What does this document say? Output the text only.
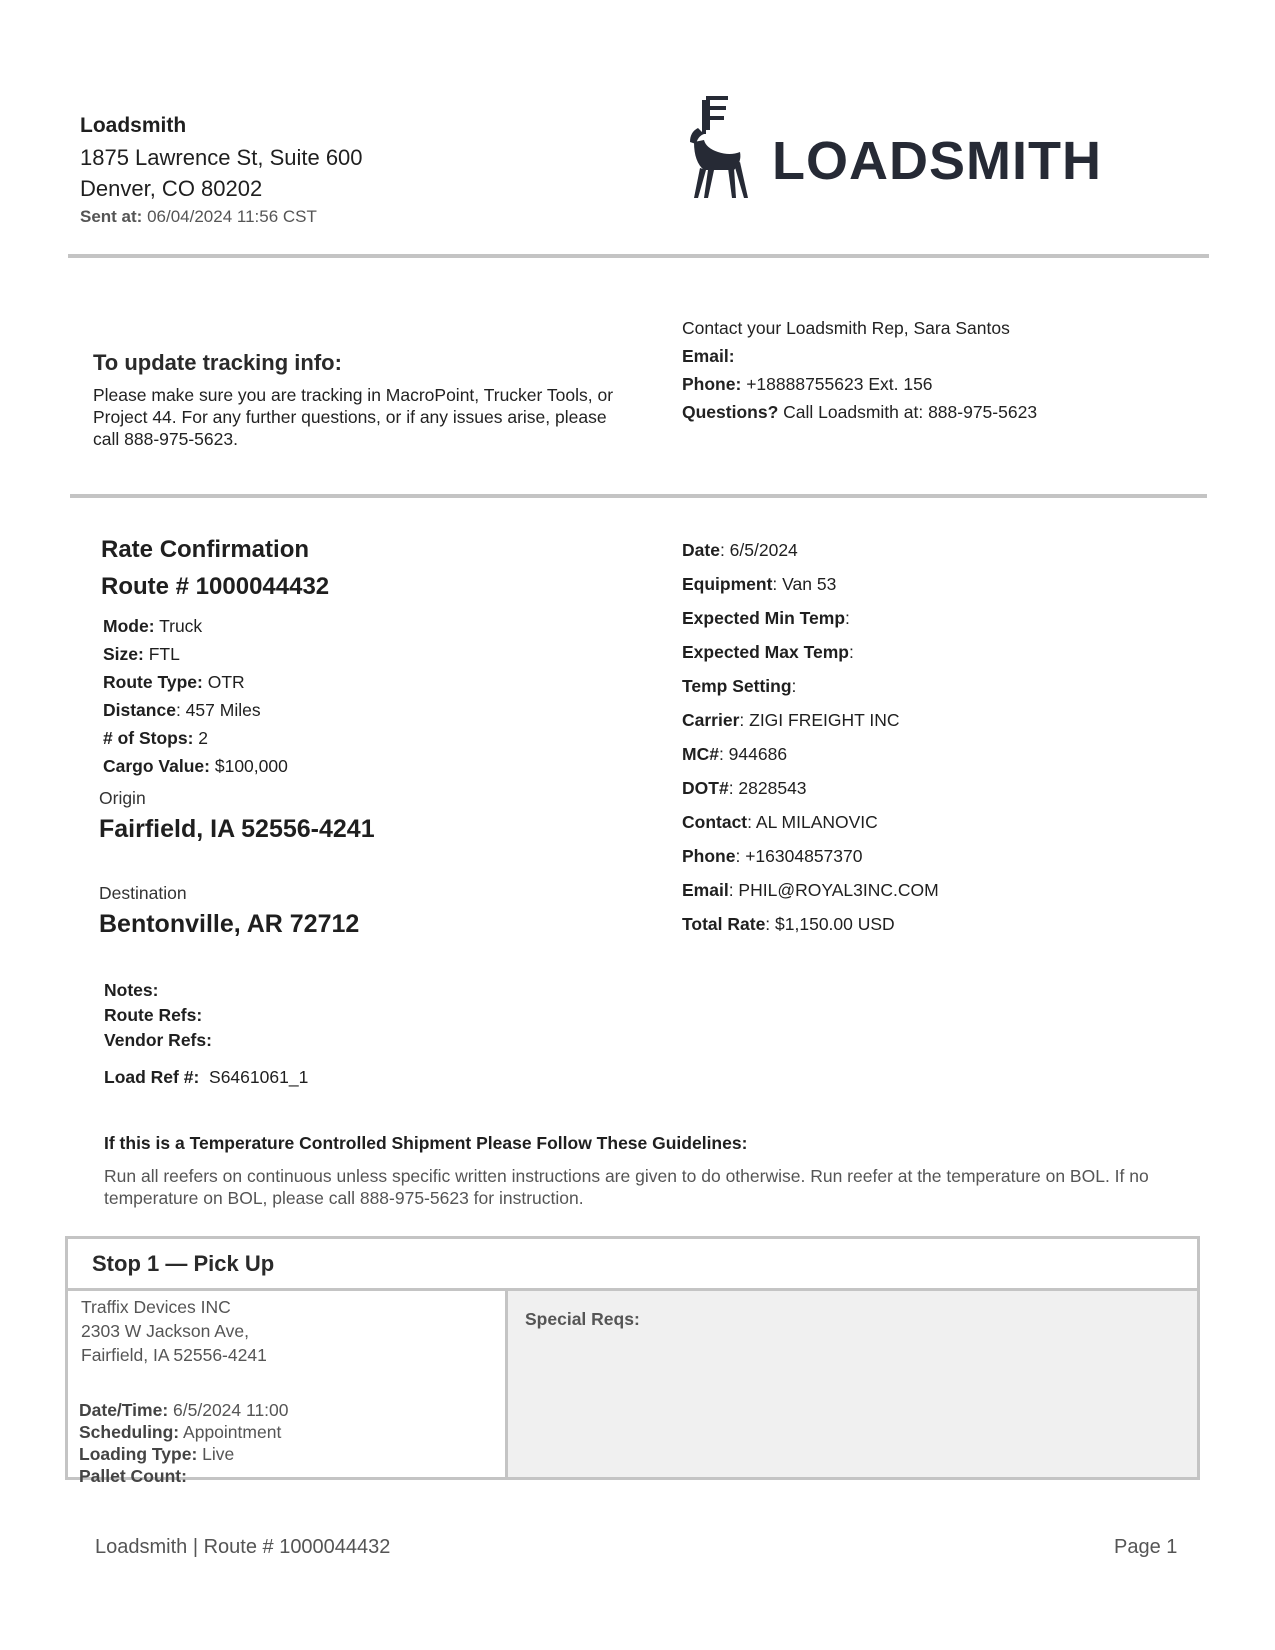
Loadsmith
1875 Lawrence St, Suite 600
Denver, CO 80202
Sent at: 06/04/2024 11:56 CST
LOADSMITH
To update tracking info:
Please make sure you are tracking in MacroPoint, Trucker Tools, or Project 44. For any further questions, or if any issues arise, please call 888-975-5623.
Contact your Loadsmith Rep, Sara Santos
Email:
Phone: +18888755623 Ext. 156
Questions? Call Loadsmith at: 888-975-5623
Rate Confirmation
Route # 1000044432
Mode: Truck
Size: FTL
Route Type: OTR
Distance: 457 Miles
# of Stops: 2
Cargo Value: $100,000
Origin
Fairfield, IA 52556-4241
Destination
Bentonville, AR 72712
Date: 6/5/2024
Equipment: Van 53
Expected Min Temp:
Expected Max Temp:
Temp Setting:
Carrier: ZIGI FREIGHT INC
MC#: 944686
DOT#: 2828543
Contact: AL MILANOVIC
Phone: +16304857370
Email: PHIL@ROYAL3INC.COM
Total Rate: $1,150.00 USD
Notes:
Route Refs:
Vendor Refs:
Load Ref #: S6461061_1
If this is a Temperature Controlled Shipment Please Follow These Guidelines:
Run all reefers on continuous unless specific written instructions are given to do otherwise. Run reefer at the temperature on BOL. If no temperature on BOL, please call 888-975-5623 for instruction.
Stop 1 — Pick Up
Traffix Devices INC
2303 W Jackson Ave,
Fairfield, IA 52556-4241
Date/Time: 6/5/2024 11:00
Scheduling: Appointment
Loading Type: Live
Pallet Count:
Special Reqs:
Loadsmith | Route # 1000044432	Page 1
